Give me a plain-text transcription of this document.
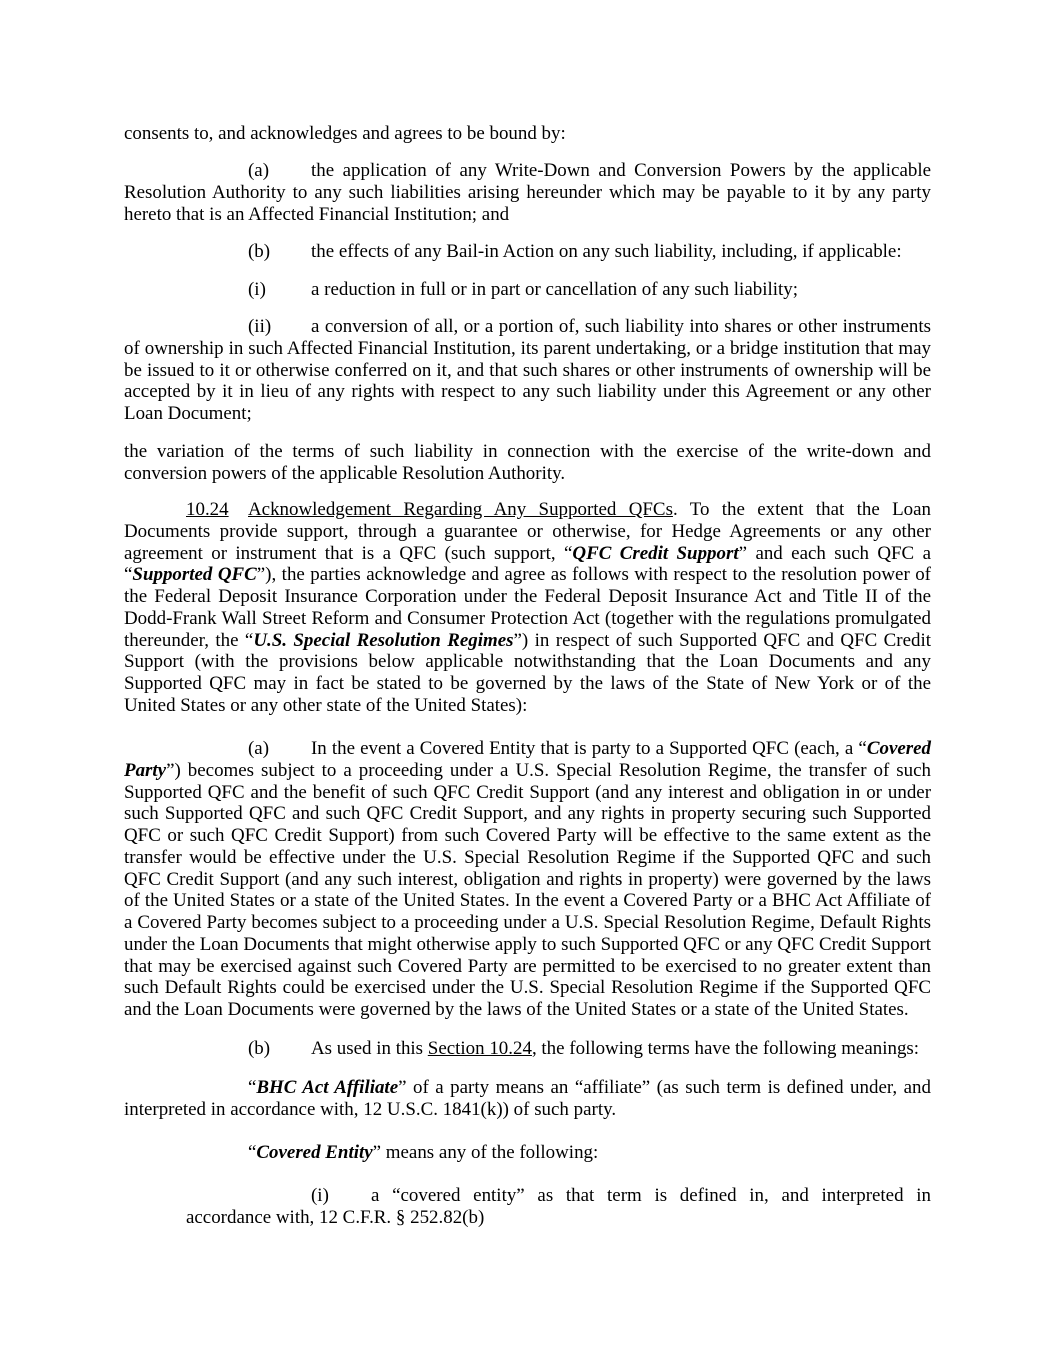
consents to, and acknowledges and agrees to be bound by:

(a) the application of any Write-Down and Conversion Powers by the applicable Resolution Authority to any such liabilities arising hereunder which may be payable to it by any party hereto that is an Affected Financial Institution; and

(b) the effects of any Bail-in Action on any such liability, including, if applicable:

(i) a reduction in full or in part or cancellation of any such liability;

(ii) a conversion of all, or a portion of, such liability into shares or other instruments of ownership in such Affected Financial Institution, its parent undertaking, or a bridge institution that may be issued to it or otherwise conferred on it, and that such shares or other instruments of ownership will be accepted by it in lieu of any rights with respect to any such liability under this Agreement or any other Loan Document;

the variation of the terms of such liability in connection with the exercise of the write-down and conversion powers of the applicable Resolution Authority.

10.24 Acknowledgement Regarding Any Supported QFCs. To the extent that the Loan Documents provide support, through a guarantee or otherwise, for Hedge Agreements or any other agreement or instrument that is a QFC (such support, “QFC Credit Support” and each such QFC a “Supported QFC”), the parties acknowledge and agree as follows with respect to the resolution power of the Federal Deposit Insurance Corporation under the Federal Deposit Insurance Act and Title II of the Dodd-Frank Wall Street Reform and Consumer Protection Act (together with the regulations promulgated thereunder, the “U.S. Special Resolution Regimes”) in respect of such Supported QFC and QFC Credit Support (with the provisions below applicable notwithstanding that the Loan Documents and any Supported QFC may in fact be stated to be governed by the laws of the State of New York or of the United States or any other state of the United States):

(a) In the event a Covered Entity that is party to a Supported QFC (each, a “Covered Party”) becomes subject to a proceeding under a U.S. Special Resolution Regime, the transfer of such Supported QFC and the benefit of such QFC Credit Support (and any interest and obligation in or under such Supported QFC and such QFC Credit Support, and any rights in property securing such Supported QFC or such QFC Credit Support) from such Covered Party will be effective to the same extent as the transfer would be effective under the U.S. Special Resolution Regime if the Supported QFC and such QFC Credit Support (and any such interest, obligation and rights in property) were governed by the laws of the United States or a state of the United States. In the event a Covered Party or a BHC Act Affiliate of a Covered Party becomes subject to a proceeding under a U.S. Special Resolution Regime, Default Rights under the Loan Documents that might otherwise apply to such Supported QFC or any QFC Credit Support that may be exercised against such Covered Party are permitted to be exercised to no greater extent than such Default Rights could be exercised under the U.S. Special Resolution Regime if the Supported QFC and the Loan Documents were governed by the laws of the United States or a state of the United States.

(b) As used in this Section 10.24, the following terms have the following meanings:

“BHC Act Affiliate” of a party means an “affiliate” (as such term is defined under, and interpreted in accordance with, 12 U.S.C. 1841(k)) of such party.

“Covered Entity” means any of the following:

(i) a “covered entity” as that term is defined in, and interpreted in accordance with, 12 C.F.R. § 252.82(b)
